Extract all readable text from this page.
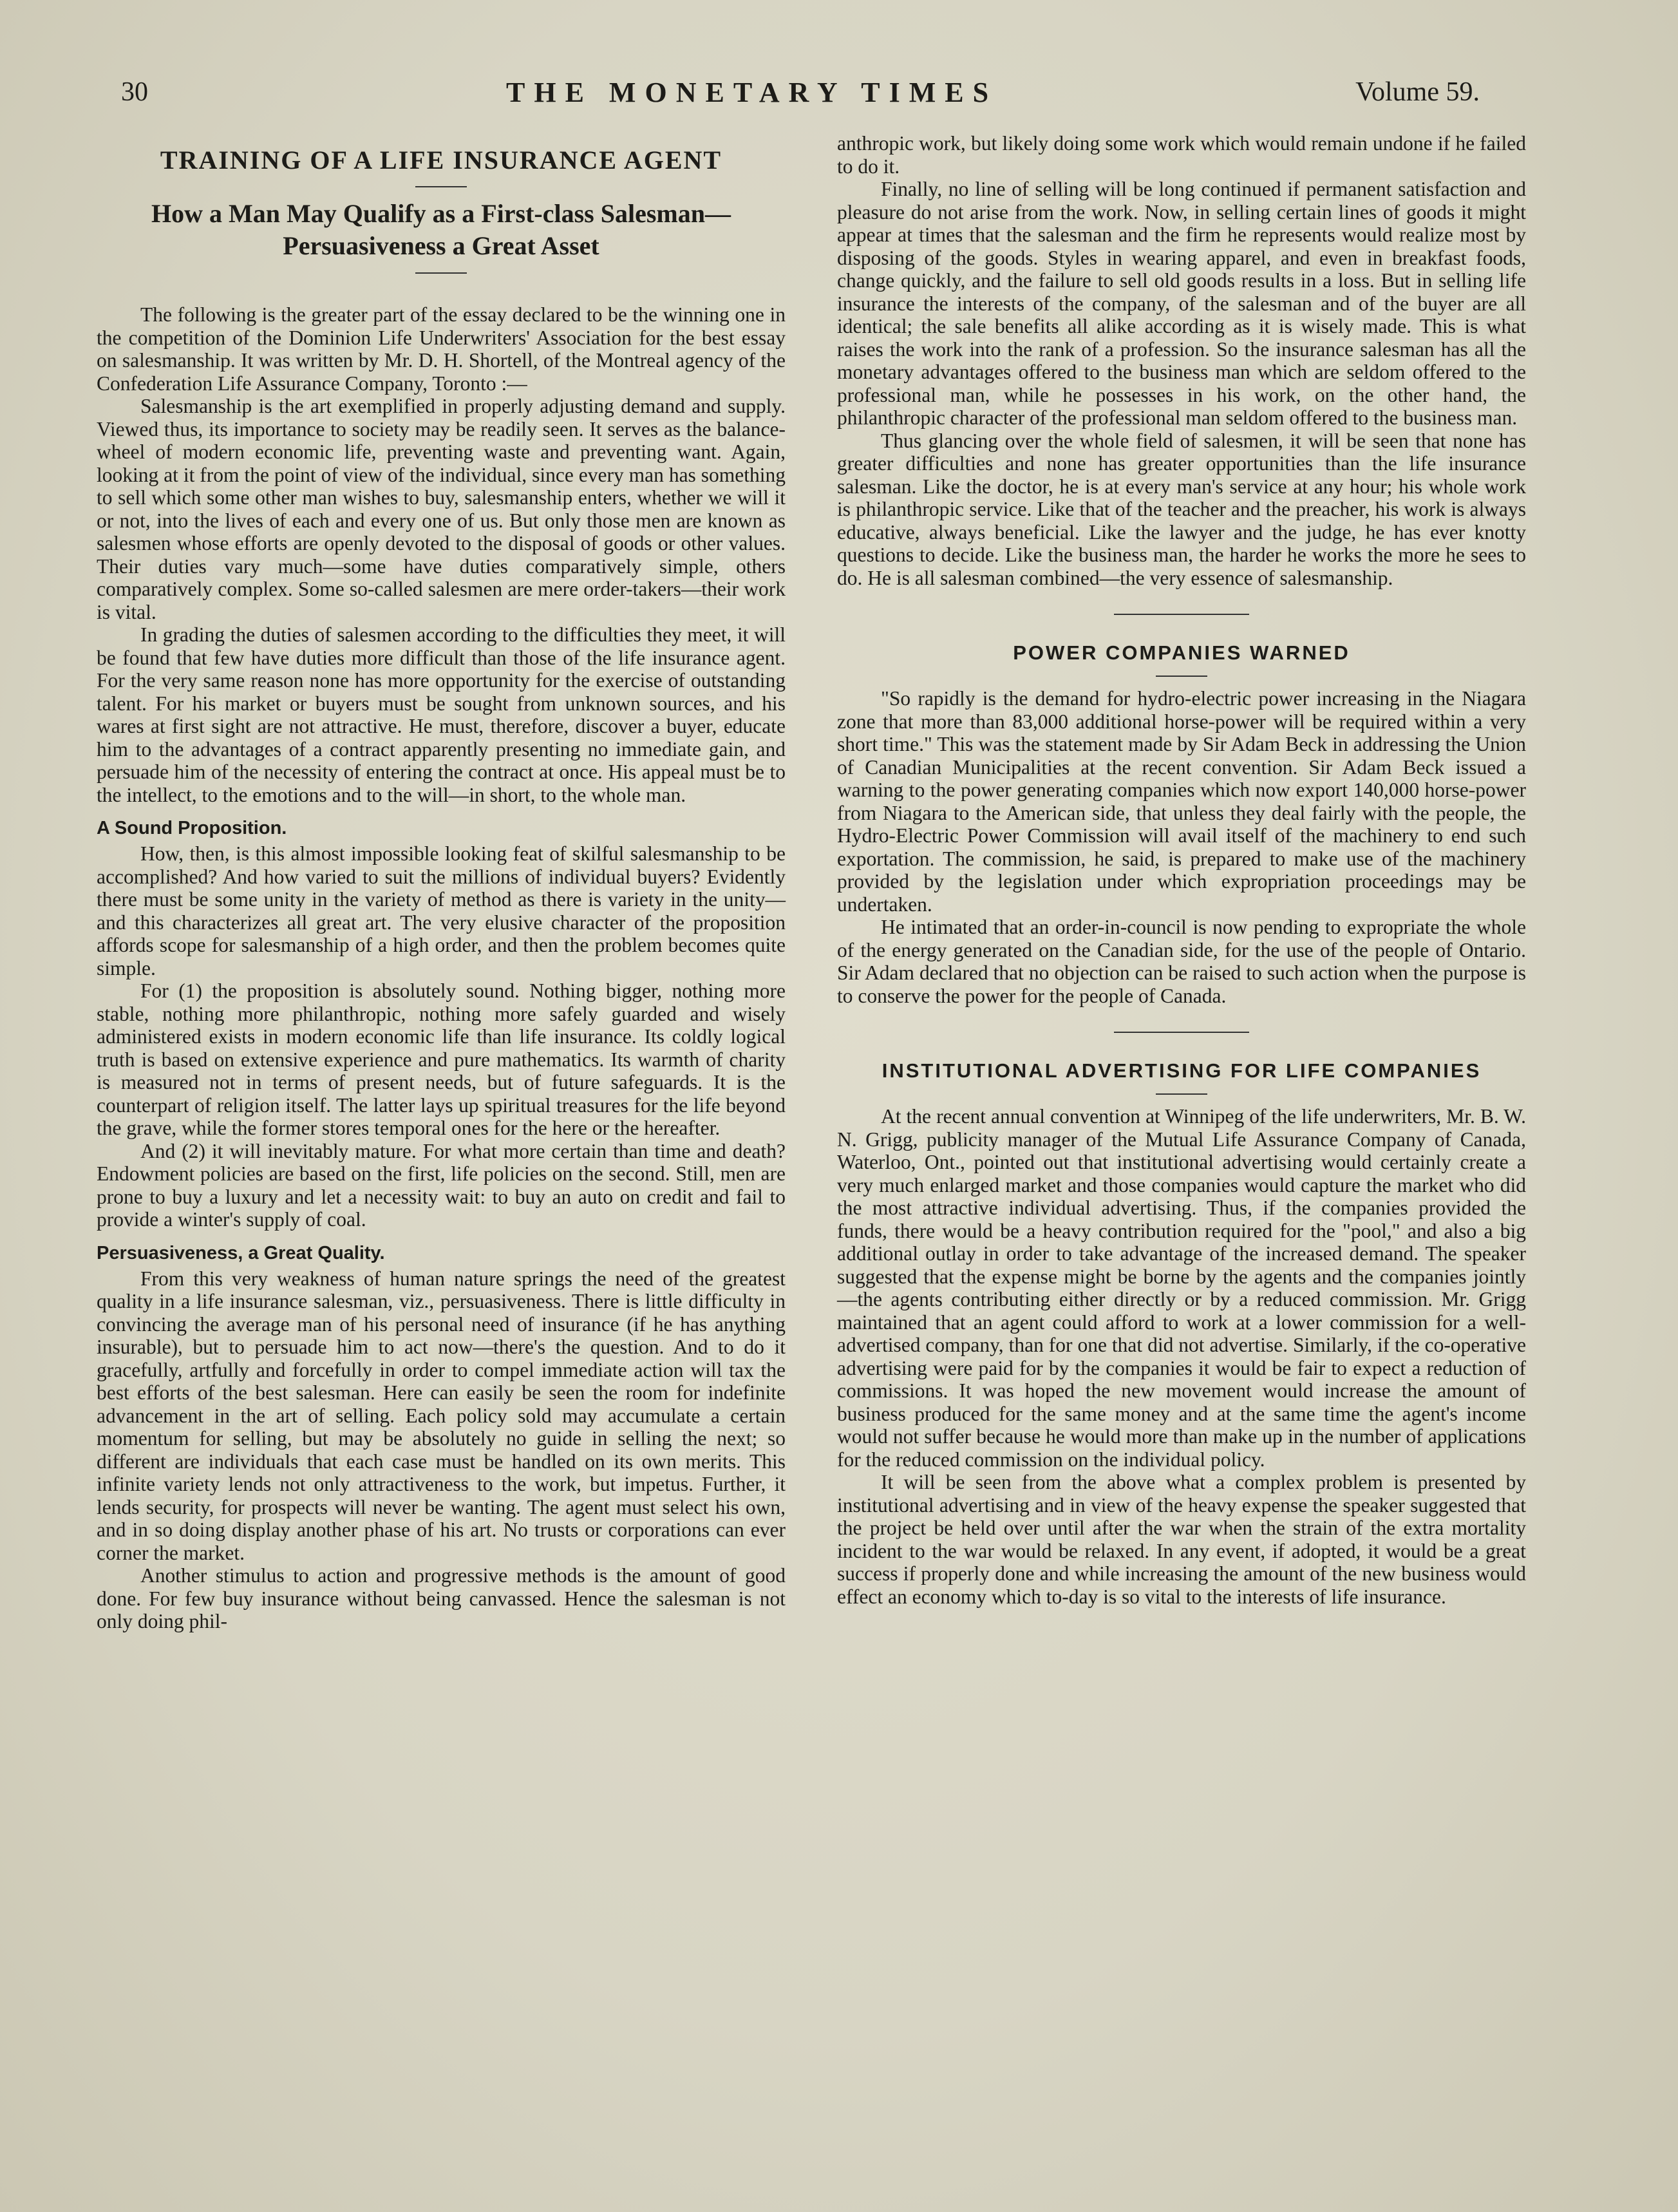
30	THE MONETARY TIMES	Volume 59.
TRAINING OF A LIFE INSURANCE AGENT
How a Man May Qualify as a First-class Salesman—Persuasiveness a Great Asset

The following is the greater part of the essay declared to be the winning one in the competition of the Dominion Life Underwriters' Association for the best essay on salesmanship. It was written by Mr. D. H. Shortell, of the Montreal agency of the Confederation Life Assurance Company, Toronto :—

Salesmanship is the art exemplified in properly adjusting demand and supply. Viewed thus, its importance to society may be readily seen. It serves as the balance-wheel of modern economic life, preventing waste and preventing want. Again, looking at it from the point of view of the individual, since every man has something to sell which some other man wishes to buy, salesmanship enters, whether we will it or not, into the lives of each and every one of us. But only those men are known as salesmen whose efforts are openly devoted to the disposal of goods or other values. Their duties vary much—some have duties comparatively simple, others comparatively complex. Some so-called salesmen are mere order-takers—their work is vital.

In grading the duties of salesmen according to the difficulties they meet, it will be found that few have duties more difficult than those of the life insurance agent. For the very same reason none has more opportunity for the exercise of outstanding talent. For his market or buyers must be sought from unknown sources, and his wares at first sight are not attractive. He must, therefore, discover a buyer, educate him to the advantages of a contract apparently presenting no immediate gain, and persuade him of the necessity of entering the contract at once. His appeal must be to the intellect, to the emotions and to the will—in short, to the whole man.

A Sound Proposition.

How, then, is this almost impossible looking feat of skilful salesmanship to be accomplished? And how varied to suit the millions of individual buyers? Evidently there must be some unity in the variety of method as there is variety in the unity—and this characterizes all great art. The very elusive character of the proposition affords scope for salesmanship of a high order, and then the problem becomes quite simple.

For (1) the proposition is absolutely sound. Nothing bigger, nothing more stable, nothing more philanthropic, nothing more safely guarded and wisely administered exists in modern economic life than life insurance. Its coldly logical truth is based on extensive experience and pure mathematics. Its warmth of charity is measured not in terms of present needs, but of future safeguards. It is the counterpart of religion itself. The latter lays up spiritual treasures for the life beyond the grave, while the former stores temporal ones for the here or the hereafter.

And (2) it will inevitably mature. For what more certain than time and death? Endowment policies are based on the first, life policies on the second. Still, men are prone to buy a luxury and let a necessity wait: to buy an auto on credit and fail to provide a winter's supply of coal.

Persuasiveness, a Great Quality.

From this very weakness of human nature springs the need of the greatest quality in a life insurance salesman, viz., persuasiveness. There is little difficulty in convincing the average man of his personal need of insurance (if he has anything insurable), but to persuade him to act now—there's the question. And to do it gracefully, artfully and forcefully in order to compel immediate action will tax the best efforts of the best salesman. Here can easily be seen the room for indefinite advancement in the art of selling. Each policy sold may accumulate a certain momentum for selling, but may be absolutely no guide in selling the next; so different are individuals that each case must be handled on its own merits. This infinite variety lends not only attractiveness to the work, but impetus. Further, it lends security, for prospects will never be wanting. The agent must select his own, and in so doing display another phase of his art. No trusts or corporations can ever corner the market.

Another stimulus to action and progressive methods is the amount of good done. For few buy insurance without being canvassed. Hence the salesman is not only doing phil-

anthropic work, but likely doing some work which would remain undone if he failed to do it.

Finally, no line of selling will be long continued if permanent satisfaction and pleasure do not arise from the work. Now, in selling certain lines of goods it might appear at times that the salesman and the firm he represents would realize most by disposing of the goods. Styles in wearing apparel, and even in breakfast foods, change quickly, and the failure to sell old goods results in a loss. But in selling life insurance the interests of the company, of the salesman and of the buyer are all identical; the sale benefits all alike according as it is wisely made. This is what raises the work into the rank of a profession. So the insurance salesman has all the monetary advantages offered to the business man which are seldom offered to the professional man, while he possesses in his work, on the other hand, the philanthropic character of the professional man seldom offered to the business man.

Thus glancing over the whole field of salesmen, it will be seen that none has greater difficulties and none has greater opportunities than the life insurance salesman. Like the doctor, he is at every man's service at any hour; his whole work is philanthropic service. Like that of the teacher and the preacher, his work is always educative, always beneficial. Like the lawyer and the judge, he has ever knotty questions to decide. Like the business man, the harder he works the more he sees to do. He is all salesman combined—the very essence of salesmanship.

POWER COMPANIES WARNED

"So rapidly is the demand for hydro-electric power increasing in the Niagara zone that more than 83,000 additional horse-power will be required within a very short time." This was the statement made by Sir Adam Beck in addressing the Union of Canadian Municipalities at the recent convention. Sir Adam Beck issued a warning to the power generating companies which now export 140,000 horse-power from Niagara to the American side, that unless they deal fairly with the people, the Hydro-Electric Power Commission will avail itself of the machinery to end such exportation. The commission, he said, is prepared to make use of the machinery provided by the legislation under which expropriation proceedings may be undertaken.

He intimated that an order-in-council is now pending to expropriate the whole of the energy generated on the Canadian side, for the use of the people of Ontario. Sir Adam declared that no objection can be raised to such action when the purpose is to conserve the power for the people of Canada.

INSTITUTIONAL ADVERTISING FOR LIFE COMPANIES

At the recent annual convention at Winnipeg of the life underwriters, Mr. B. W. N. Grigg, publicity manager of the Mutual Life Assurance Company of Canada, Waterloo, Ont., pointed out that institutional advertising would certainly create a very much enlarged market and those companies would capture the market who did the most attractive individual advertising. Thus, if the companies provided the funds, there would be a heavy contribution required for the "pool," and also a big additional outlay in order to take advantage of the increased demand. The speaker suggested that the expense might be borne by the agents and the companies jointly—the agents contributing either directly or by a reduced commission. Mr. Grigg maintained that an agent could afford to work at a lower commission for a well-advertised company, than for one that did not advertise. Similarly, if the co-operative advertising were paid for by the companies it would be fair to expect a reduction of commissions. It was hoped the new movement would increase the amount of business produced for the same money and at the same time the agent's income would not suffer because he would more than make up in the number of applications for the reduced commission on the individual policy.

It will be seen from the above what a complex problem is presented by institutional advertising and in view of the heavy expense the speaker suggested that the project be held over until after the war when the strain of the extra mortality incident to the war would be relaxed. In any event, if adopted, it would be a great success if properly done and while increasing the amount of the new business would effect an economy which to-day is so vital to the interests of life insurance.
